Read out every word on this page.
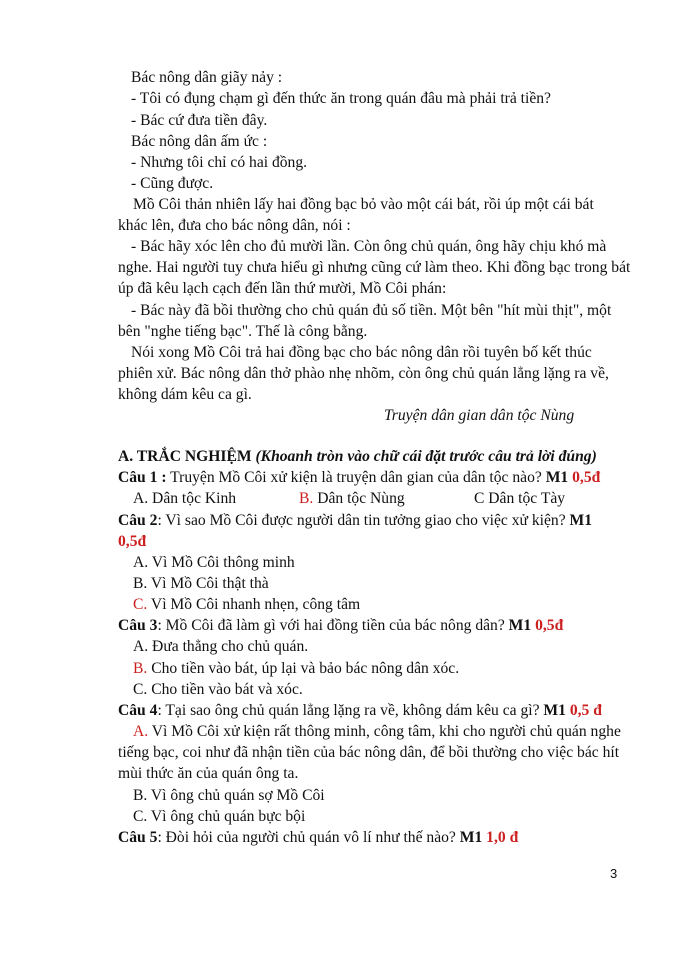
Bác nông dân giãy nảy :
- Tôi có đụng chạm gì đến thức ăn trong quán đâu mà phải trả tiền?
- Bác cứ đưa tiền đây.
Bác nông dân ấm ức :
- Nhưng tôi chỉ có hai đồng.
- Cũng được.
Mồ Côi thản nhiên lấy hai đồng bạc bỏ vào một cái bát, rồi úp một cái bát
khác lên, đưa cho bác nông dân, nói :
- Bác hãy xóc lên cho đủ mười lần. Còn ông chủ quán, ông hãy chịu khó mà
nghe. Hai người tuy chưa hiểu gì nhưng cũng cứ làm theo. Khi đồng bạc trong bát
úp đã kêu lạch cạch đến lần thứ mười, Mồ Côi phán:
- Bác này đã bồi thường cho chủ quán đủ số tiền. Một bên "hít mùi thịt", một
bên "nghe tiếng bạc". Thế là công bằng.
Nói xong Mồ Côi trả hai đồng bạc cho bác nông dân rồi tuyên bố kết thúc
phiên xử. Bác nông dân thở phào nhẹ nhõm, còn ông chủ quán lẳng lặng ra về,
không dám kêu ca gì.
Truyện dân gian dân tộc Nùng
A. TRẮC NGHIỆM (Khoanh tròn vào chữ cái đặt trước câu trả lời đúng)
Câu 1 : Truyện Mồ Côi xử kiện là truyện dân gian của dân tộc nào? M1 0,5đ
A. Dân tộc Kinh	B. Dân tộc Nùng	C Dân tộc Tày
Câu 2: Vì sao Mồ Côi được người dân tin tưởng giao cho việc xử kiện? M1
0,5đ
A. Vì Mồ Côi thông minh
B. Vì Mồ Côi thật thà
C. Vì Mồ Côi nhanh nhẹn, công tâm
Câu 3: Mồ Côi đã làm gì với hai đồng tiền của bác nông dân? M1 0,5đ
A. Đưa thẳng cho chủ quán.
B. Cho tiền vào bát, úp lại và bảo bác nông dân xóc.
C. Cho tiền vào bát và xóc.
Câu 4: Tại sao ông chủ quán lẳng lặng ra về, không dám kêu ca gì? M1 0,5 đ
A. Vì Mồ Côi xử kiện rất thông minh, công tâm, khi cho người chủ quán nghe
tiếng bạc, coi như đã nhận tiền của bác nông dân, để bồi thường cho việc bác hít
mùi thức ăn của quán ông ta.
B. Vì ông chủ quán sợ Mồ Côi
C. Vì ông chủ quán bực bội
Câu 5: Đòi hỏi của người chủ quán vô lí như thế nào? M1 1,0 đ
3
